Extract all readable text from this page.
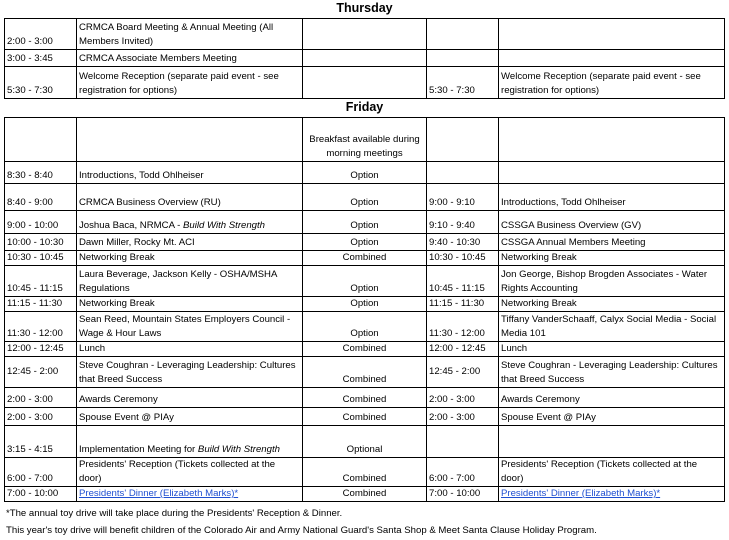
Thursday
2:00 - 3:00	CRMCA Board Meeting & Annual Meeting (All Members Invited)			
3:00 - 3:45	CRMCA Associate Members Meeting			
5:30 - 7:30	Welcome Reception (separate paid event - see registration for options)		5:30 - 7:30	Welcome Reception (separate paid event - see registration for options)
Friday
		Breakfast available during morning meetings		
8:30 - 8:40	Introductions, Todd Ohlheiser	Option		
8:40 - 9:00	CRMCA Business Overview (RU)	Option	9:00 - 9:10	Introductions, Todd Ohlheiser
9:00 - 10:00	Joshua Baca, NRMCA - Build With Strength	Option	9:10 - 9:40	CSSGA Business Overview (GV)
10:00 - 10:30	Dawn Miller, Rocky Mt. ACI	Option	9:40 - 10:30	CSSGA Annual Members Meeting
10:30 - 10:45	Networking Break	Combined	10:30 - 10:45	Networking Break
10:45 - 11:15	Laura Beverage, Jackson Kelly - OSHA/MSHA Regulations	Option	10:45 - 11:15	Jon George, Bishop Brogden Associates - Water Rights Accounting
11:15 - 11:30	Networking Break	Option	11:15 - 11:30	Networking Break
11:30 - 12:00	Sean Reed, Mountain States Employers Council - Wage & Hour Laws	Option	11:30 - 12:00	Tiffany VanderSchaaff, Calyx Social Media - Social Media 101
12:00 - 12:45	Lunch	Combined	12:00 - 12:45	Lunch
12:45 - 2:00	Steve Coughran - Leveraging Leadership: Cultures that Breed Success	Combined	12:45 - 2:00	Steve Coughran - Leveraging Leadership: Cultures that Breed Success
2:00 - 3:00	Awards Ceremony	Combined	2:00 - 3:00	Awards Ceremony
2:00 - 3:00	Spouse Event @ PIAy	Combined	2:00 - 3:00	Spouse Event @ PIAy
3:15 - 4:15	Implementation Meeting for Build With Strength	Optional		
6:00 - 7:00	Presidents' Reception (Tickets collected at the door)	Combined	6:00 - 7:00	Presidents' Reception (Tickets collected at the door)
7:00 - 10:00	Presidents' Dinner (Elizabeth Marks)*	Combined	7:00 - 10:00	Presidents' Dinner (Elizabeth Marks)*
*The annual toy drive will take place during the Presidents' Reception & Dinner.
This year's toy drive will benefit children of the Colorado Air and Army National Guard's Santa Shop & Meet Santa Clause Holiday Program.
